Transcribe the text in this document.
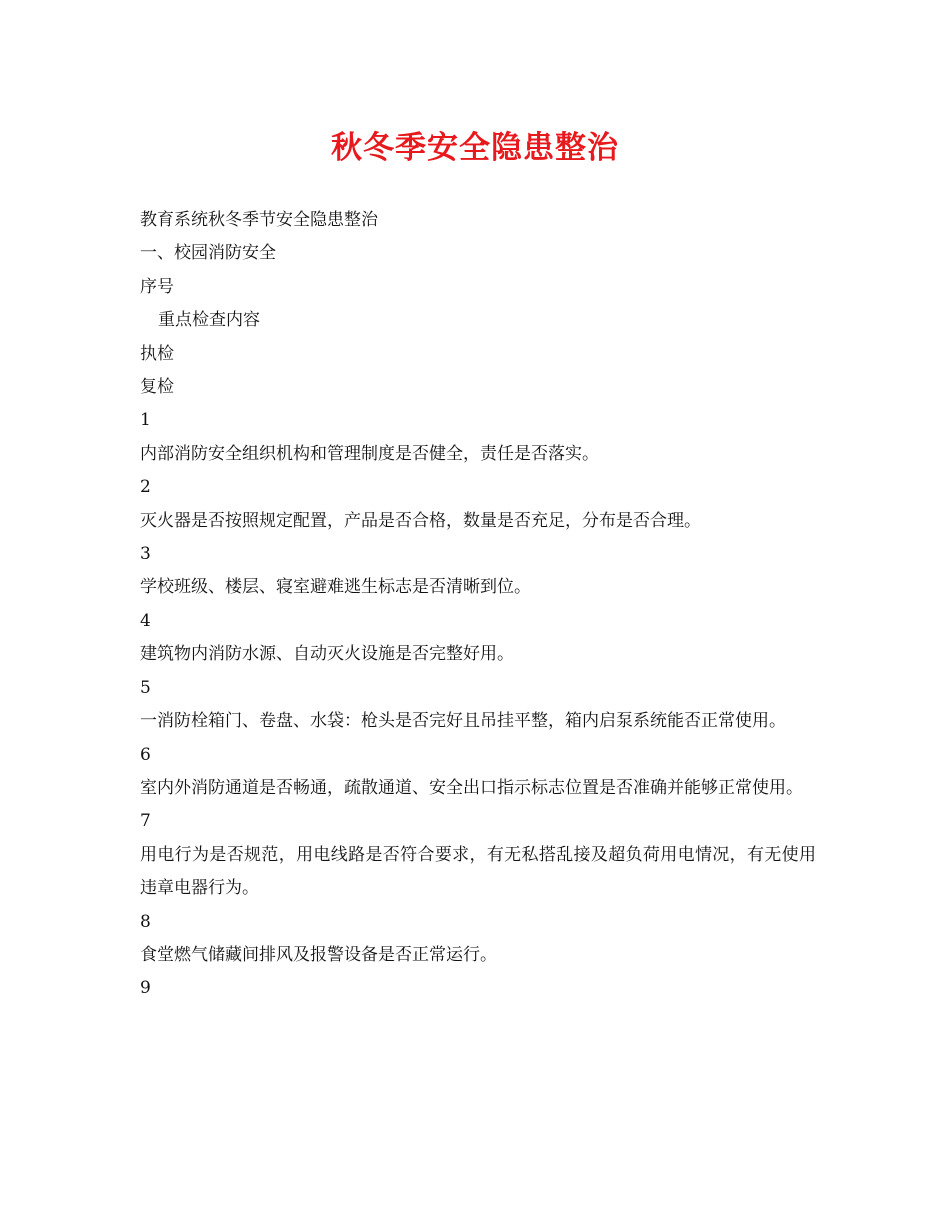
秋冬季安全隐患整治
教育系统秋冬季节安全隐患整治
一、校园消防安全
序号
重点检查内容
执检
复检
1
内部消防安全组织机构和管理制度是否健全，责任是否落实。
2
灭火器是否按照规定配置，产品是否合格，数量是否充足，分布是否合理。
3
学校班级、楼层、寝室避难逃生标志是否清晰到位。
4
建筑物内消防水源、自动灭火设施是否完整好用。
5
一消防栓箱门、卷盘、水袋：枪头是否完好且吊挂平整，箱内启泵系统能否正常使用。
6
室内外消防通道是否畅通，疏散通道、安全出口指示标志位置是否准确并能够正常使用。
7
用电行为是否规范，用电线路是否符合要求，有无私搭乱接及超负荷用电情况，有无使用违章电器行为。
8
食堂燃气储藏间排风及报警设备是否正常运行。
9
